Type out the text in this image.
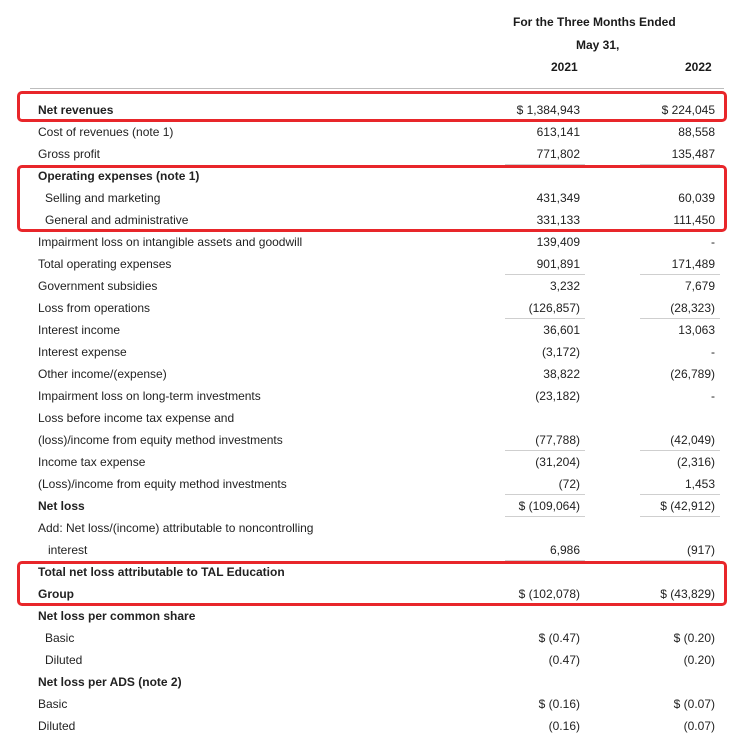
For the Three Months Ended
May 31,
2021	2022
Net revenues	$ 1,384,943	$ 224,045
Cost of revenues (note 1)	613,141	88,558
Gross profit	771,802	135,487
Operating expenses (note 1)
Selling and marketing	431,349	60,039
General and administrative	331,133	111,450
Impairment loss on intangible assets and goodwill	139,409	-
Total operating expenses	901,891	171,489
Government subsidies	3,232	7,679
Loss from operations	(126,857)	(28,323)
Interest income	36,601	13,063
Interest expense	(3,172)	-
Other income/(expense)	38,822	(26,789)
Impairment loss on long-term investments	(23,182)	-
Loss before income tax expense and
(loss)/income from equity method investments	(77,788)	(42,049)
Income tax expense	(31,204)	(2,316)
(Loss)/income from equity method investments	(72)	1,453
Net loss	$ (109,064)	$ (42,912)
Add: Net loss/(income) attributable to noncontrolling
interest	6,986	(917)
Total net loss attributable to TAL Education
Group	$ (102,078)	$ (43,829)
Net loss per common share
Basic	$ (0.47)	$ (0.20)
Diluted	(0.47)	(0.20)
Net loss per ADS (note 2)
Basic	$ (0.16)	$ (0.07)
Diluted	(0.16)	(0.07)
